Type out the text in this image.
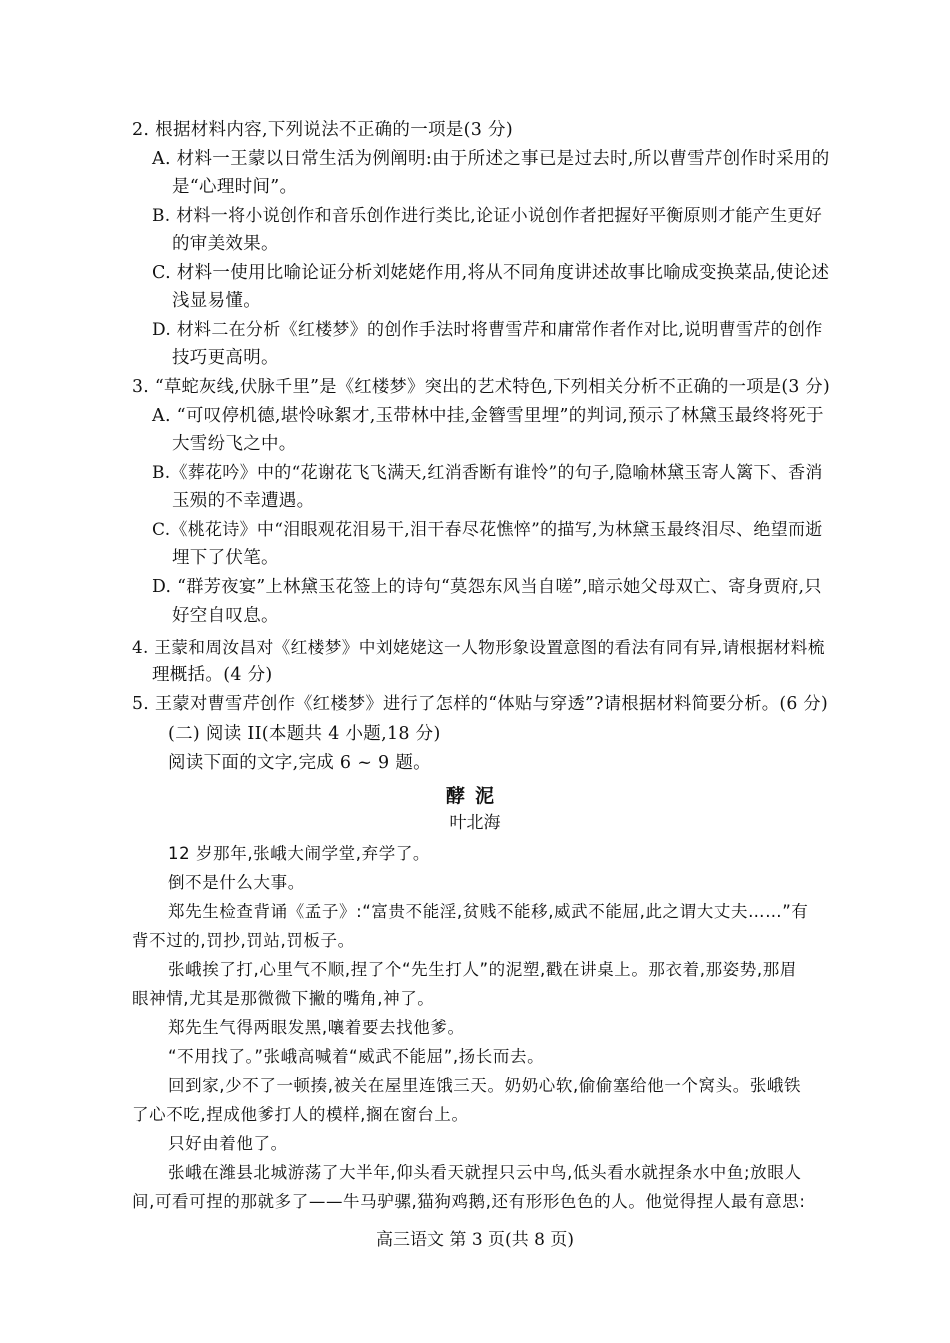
2. 根据材料内容,下列说法不正确的一项是(3 分)
A. 材料一王蒙以日常生活为例阐明:由于所述之事已是过去时,所以曹雪芹创作时采用的
是“心理时间”。
B. 材料一将小说创作和音乐创作进行类比,论证小说创作者把握好平衡原则才能产生更好
的审美效果。
C. 材料一使用比喻论证分析刘姥姥作用,将从不同角度讲述故事比喻成变换菜品,使论述
浅显易懂。
D. 材料二在分析《红楼梦》的创作手法时将曹雪芹和庸常作者作对比,说明曹雪芹的创作
技巧更高明。
3. “草蛇灰线,伏脉千里”是《红楼梦》突出的艺术特色,下列相关分析不正确的一项是(3 分)
A. “可叹停机德,堪怜咏絮才,玉带林中挂,金簪雪里埋”的判词,预示了林黛玉最终将死于
大雪纷飞之中。
B.《葬花吟》中的“花谢花飞飞满天,红消香断有谁怜”的句子,隐喻林黛玉寄人篱下、香消
玉殒的不幸遭遇。
C.《桃花诗》中“泪眼观花泪易干,泪干春尽花憔悴”的描写,为林黛玉最终泪尽、绝望而逝
埋下了伏笔。
D. “群芳夜宴”上林黛玉花签上的诗句“莫怨东风当自嗟”,暗示她父母双亡、寄身贾府,只
好空自叹息。
4. 王蒙和周汝昌对《红楼梦》中刘姥姥这一人物形象设置意图的看法有同有异,请根据材料梳
理概括。(4 分)
5. 王蒙对曹雪芹创作《红楼梦》进行了怎样的“体贴与穿透”?请根据材料简要分析。(6 分)
(二) 阅读 II(本题共 4 小题,18 分)
阅读下面的文字,完成 6 ~ 9 题。
酵泥
叶北海
12 岁那年,张峨大闹学堂,弃学了。
倒不是什么大事。
郑先生检查背诵《孟子》:“富贵不能淫,贫贱不能移,威武不能屈,此之谓大丈夫……”有
背不过的,罚抄,罚站,罚板子。
张峨挨了打,心里气不顺,捏了个“先生打人”的泥塑,戳在讲桌上。那衣着,那姿势,那眉
眼神情,尤其是那微微下撇的嘴角,神了。
郑先生气得两眼发黑,嚷着要去找他爹。
“不用找了。”张峨高喊着“威武不能屈”,扬长而去。
回到家,少不了一顿揍,被关在屋里连饿三天。奶奶心软,偷偷塞给他一个窝头。张峨铁
了心不吃,捏成他爹打人的模样,搁在窗台上。
只好由着他了。
张峨在潍县北城游荡了大半年,仰头看天就捏只云中鸟,低头看水就捏条水中鱼;放眼人
间,可看可捏的那就多了——牛马驴骡,猫狗鸡鹅,还有形形色色的人。他觉得捏人最有意思:
高三语文 第 3 页(共 8 页)
